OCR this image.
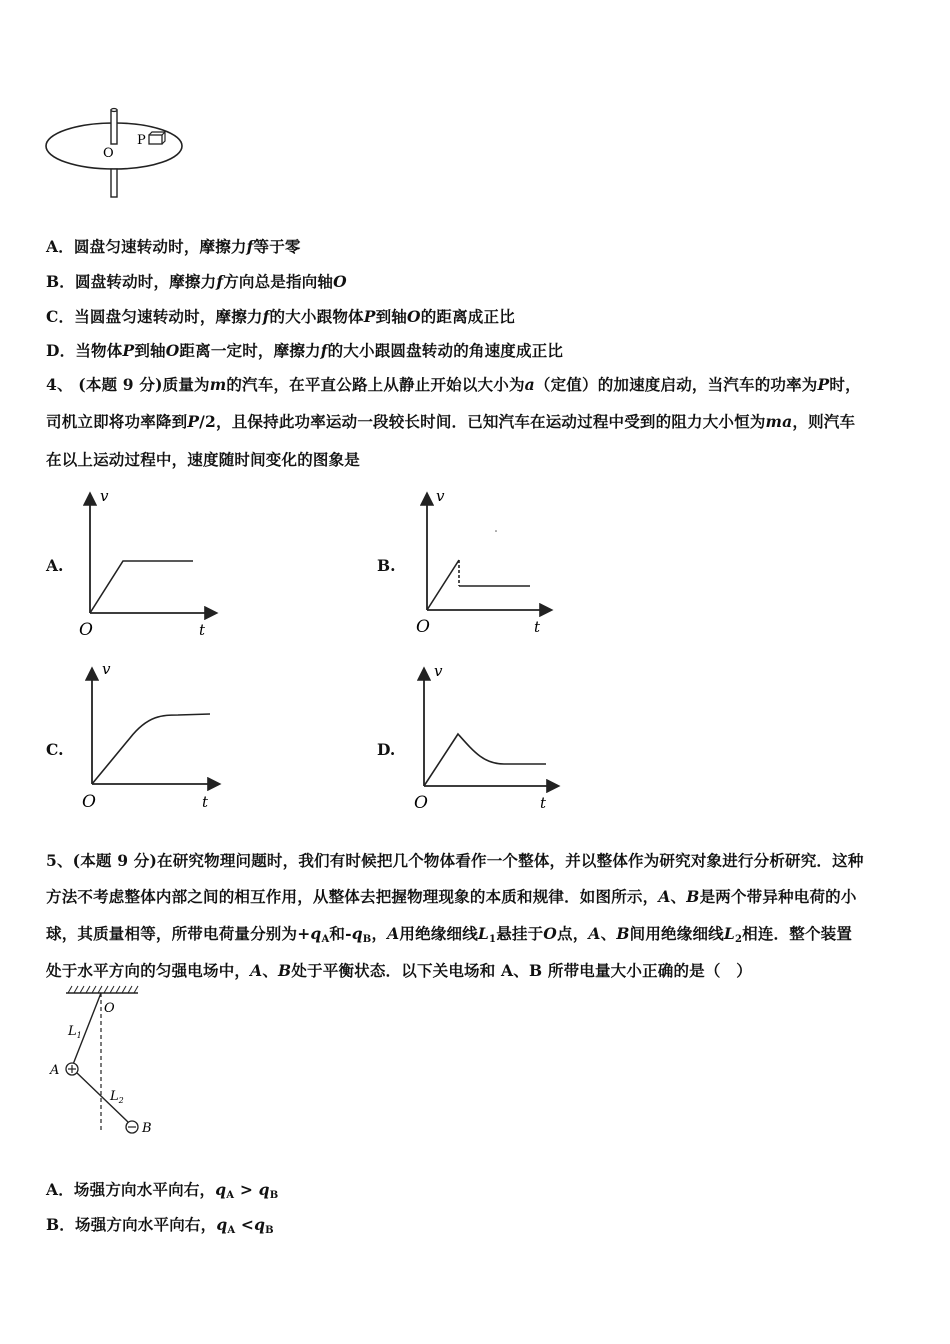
P
O
A．圆盘匀速转动时，摩擦力f等于零
B．圆盘转动时，摩擦力f方向总是指向轴O
C．当圆盘匀速转动时，摩擦力f的大小跟物体P到轴O的距离成正比
D．当物体P到轴O距离一定时，摩擦力f的大小跟圆盘转动的角速度成正比
4、 (本题 9 分)质量为m的汽车，在平直公路上从静止开始以大小为a（定值）的加速度启动，当汽车的功率为P时，
司机立即将功率降到P/2，且保持此功率运动一段较长时间．已知汽车在运动过程中受到的阻力大小恒为ma，则汽车
在以上运动过程中，速度随时间变化的图象是
A.	B.
C.	D.
v
O	t
v
O	t
v
O	t
v
O	t
5、(本题 9 分)在研究物理问题时，我们有时候把几个物体看作一个整体，并以整体作为研究对象进行分析研究．这种
方法不考虑整体内部之间的相互作用，从整体去把握物理现象的本质和规律．如图所示，A、B是两个带异种电荷的小
球，其质量相等，所带电荷量分别为$+q_A$和$-q_B$，A用绝缘细线$L_1$悬挂于O点，A、B间用绝缘细线$L_2$相连．整个装置
处于水平方向的匀强电场中，A、B处于平衡状态．以下关电场和 A、B 所带电量大小正确的是（　）
O
$L_1$
A
$L_2$
B
A．场强方向水平向右，$q_A > q_B$
B．场强方向水平向右，$q_A <q_B$
